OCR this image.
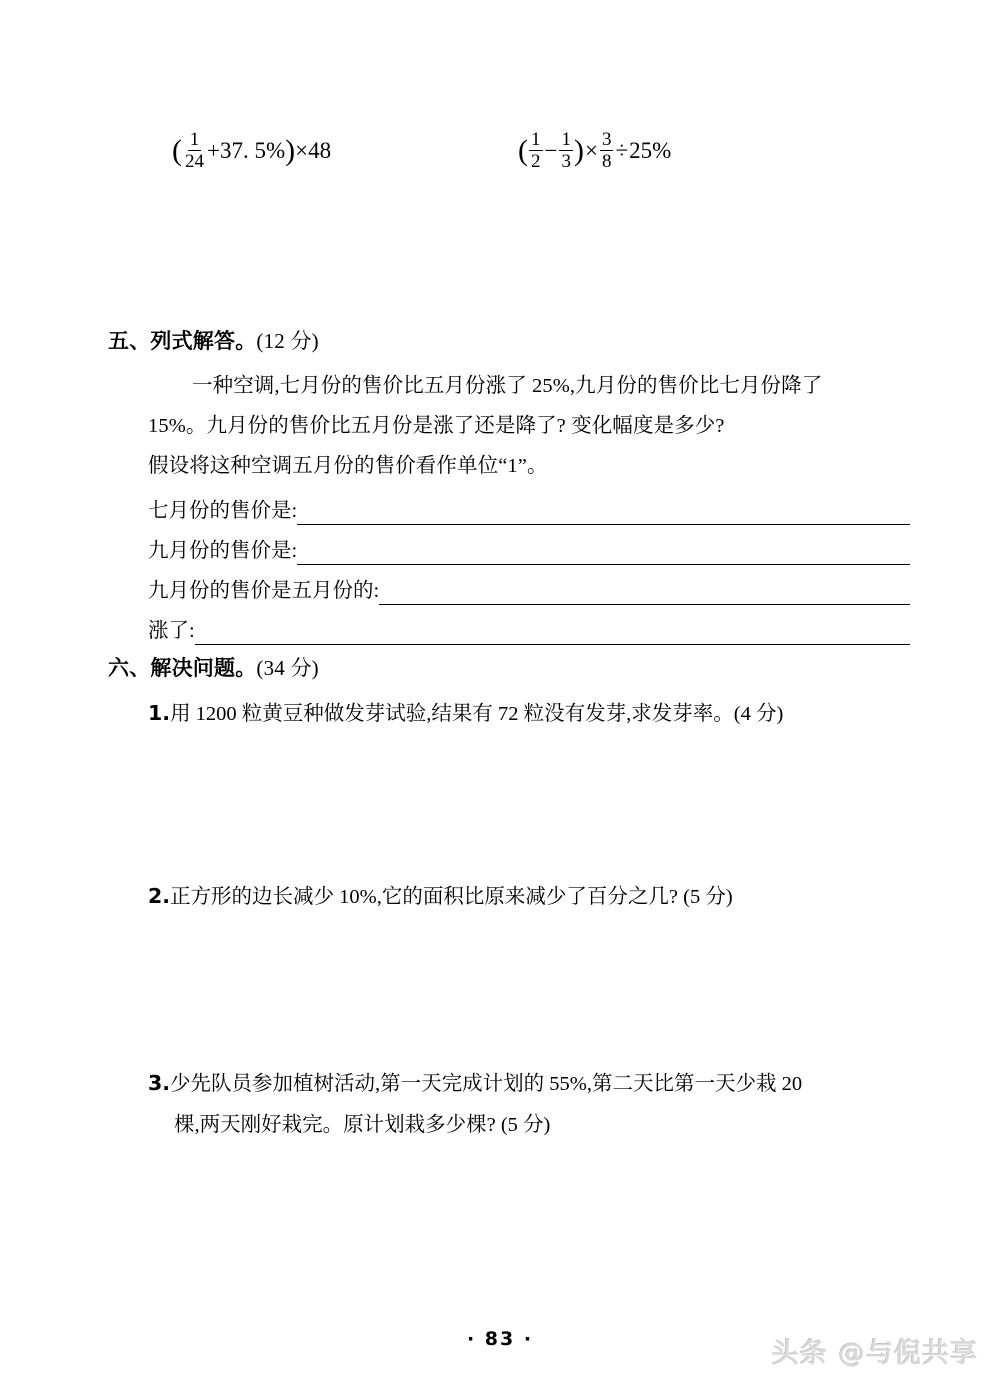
( $\frac{1}{24} +37$. 5% ) ×48	( $\frac{1}{2} - \frac{1}{3}$ ) × $\frac{3}{8} \div 25\%$
五、列式解答。(12 分)
一种空调,七月份的售价比五月份涨了 25%,九月份的售价比七月份降了
15%。九月份的售价比五月份是涨了还是降了? 变化幅度是多少?
假设将这种空调五月份的售价看作单位“1”。
七月份的售价是:
九月份的售价是:
九月份的售价是五月份的:
涨了:
六、解决问题。(34 分)
1.用 1200 粒黄豆种做发芽试验,结果有 72 粒没有发芽,求发芽率。(4 分)
2.正方形的边长减少 10%,它的面积比原来减少了百分之几? (5 分)
3.少先队员参加植树活动,第一天完成计划的 55%,第二天比第一天少栽 20
棵,两天刚好栽完。原计划栽多少棵? (5 分)
· 83 ·	头条 @与倪共享
